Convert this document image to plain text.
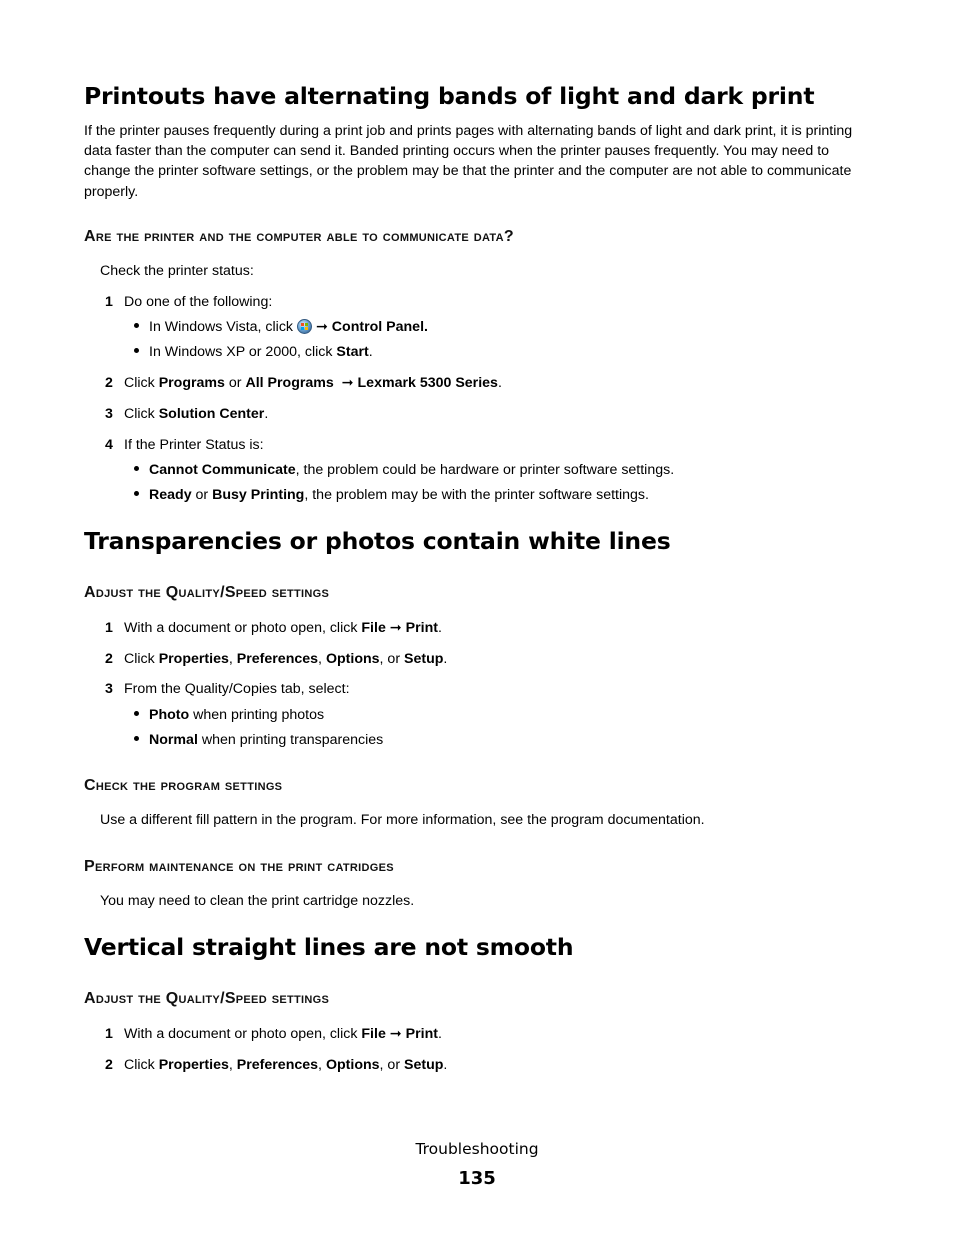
Printouts have alternating bands of light and dark print

If the printer pauses frequently during a print job and prints pages with alternating bands of light and dark print, it is printing data faster than the computer can send it. Banded printing occurs when the printer pauses frequently. You may need to change the printer software settings, or the problem may be that the printer and the computer are not able to communicate properly.

Are the printer and the computer able to communicate data?

Check the printer status:

1 Do one of the following:

In Windows Vista, click ➞ Control Panel.

In Windows XP or 2000, click Start.

2 Click Programs or All Programs ➞ Lexmark 5300 Series.

3 Click Solution Center.

4 If the Printer Status is:

Cannot Communicate, the problem could be hardware or printer software settings.

Ready or Busy Printing, the problem may be with the printer software settings.

Transparencies or photos contain white lines
Adjust the Quality/Speed settings
1 With a document or photo open, click File ➞ Print.

2 Click Properties, Preferences, Options, or Setup.

3 From the Quality/Copies tab, select:

Photo when printing photos

Normal when printing transparencies

Check the program settings

Use a different fill pattern in the program. For more information, see the program documentation.

Perform maintenance on the print catridges

You may need to clean the print cartridge nozzles.

Vertical straight lines are not smooth
Adjust the Quality/Speed settings
1 With a document or photo open, click File ➞ Print.

2 Click Properties, Preferences, Options, or Setup.

Troubleshooting
135
